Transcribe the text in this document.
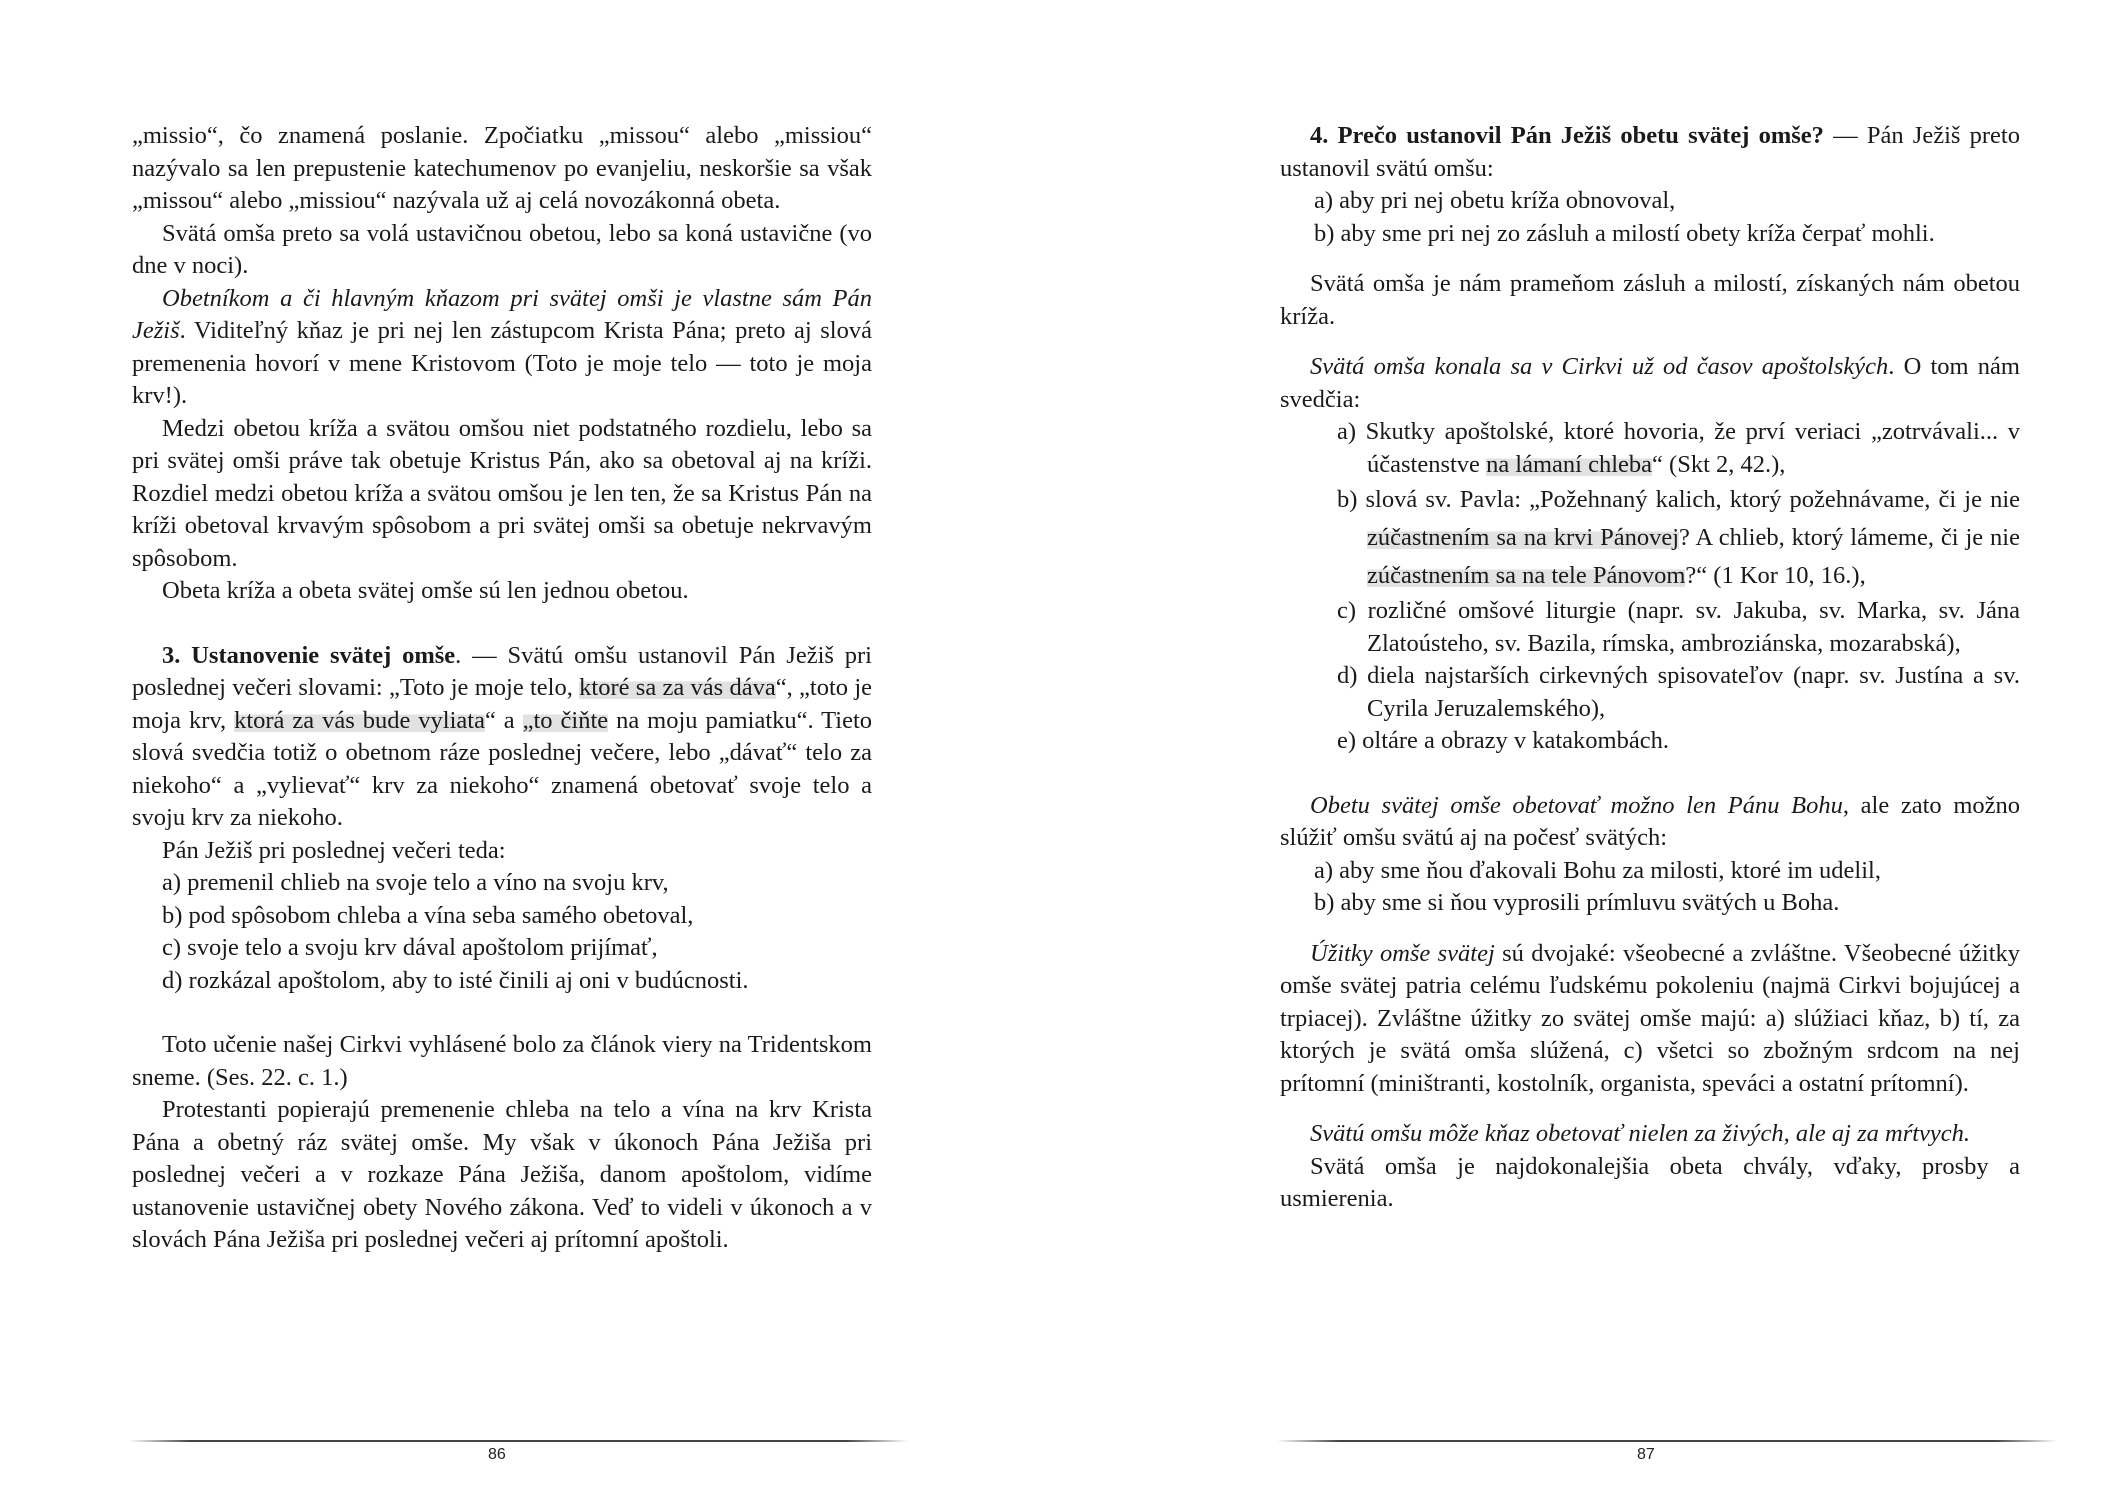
„missio“, čo znamená poslanie. Zpočiatku „missou“ alebo „missiou“ nazývalo sa len prepustenie katechumenov po evanjeliu, neskoršie sa však „missou“ alebo „missiou“ nazývala už aj celá novozákonná obeta.

Svätá omša preto sa volá ustavičnou obetou, lebo sa koná ustavične (vo dne v noci).

Obetníkom a či hlavným kňazom pri svätej omši je vlastne sám Pán Ježiš. Viditeľný kňaz je pri nej len zástupcom Krista Pána; preto aj slová premenenia hovorí v mene Kristovom (Toto je moje telo — toto je moja krv!).

Medzi obetou kríža a svätou omšou niet podstatného rozdielu, lebo sa pri svätej omši práve tak obetuje Kristus Pán, ako sa obetoval aj na kríži. Rozdiel medzi obetou kríža a svätou omšou je len ten, že sa Kristus Pán na kríži obetoval krvavým spôsobom a pri svätej omši sa obetuje nekrvavým spôsobom.

Obeta kríža a obeta svätej omše sú len jednou obetou.

3. Ustanovenie svätej omše. — Svätú omšu ustanovil Pán Ježiš pri poslednej večeri slovami: „Toto je moje telo, ktoré sa za vás dáva“, „toto je moja krv, ktorá za vás bude vyliata“ a „to čiňte na moju pamiatku“. Tieto slová svedčia totiž o obetnom ráze poslednej večere, lebo „dávať“ telo za niekoho“ a „vylievať“ krv za niekoho“ znamená obetovať svoje telo a svoju krv za niekoho.

Pán Ježiš pri poslednej večeri teda:

a) premenil chlieb na svoje telo a víno na svoju krv,
b) pod spôsobom chleba a vína seba samého obetoval,
c) svoje telo a svoju krv dával apoštolom prijímať,
d) rozkázal apoštolom, aby to isté činili aj oni v budúcnosti.

Toto učenie našej Cirkvi vyhlásené bolo za článok viery na Tridentskom sneme. (Ses. 22. c. 1.)

Protestanti popierajú premenenie chleba na telo a vína na krv Krista Pána a obetný ráz svätej omše. My však v úkonoch Pána Ježiša pri poslednej večeri a v rozkaze Pána Ježiša, danom apoštolom, vidíme ustanovenie ustavičnej obety Nového zákona. Veď to videli v úkonoch a v slovách Pána Ježiša pri poslednej večeri aj prítomní apoštoli.

4. Prečo ustanovil Pán Ježiš obetu svätej omše? — Pán Ježiš preto ustanovil svätú omšu:

a) aby pri nej obetu kríža obnovoval,
b) aby sme pri nej zo zásluh a milostí obety kríža čerpať mohli.

Svätá omša je nám prameňom zásluh a milostí, získaných nám obetou kríža.

Svätá omša konala sa v Cirkvi už od časov apoštolských. O tom nám svedčia:

a) Skutky apoštolské, ktoré hovoria, že prví veriaci „zotrvávali... v účastenstve na lámaní chleba“ (Skt 2, 42.),
b) slová sv. Pavla: „Požehnaný kalich, ktorý požehnávame, či je nie zúčastnením sa na krvi Pánovej? A chlieb, ktorý lámeme, či je nie zúčastnením sa na tele Pánovom?“ (1 Kor 10, 16.),
c) rozličné omšové liturgie (napr. sv. Jakuba, sv. Marka, sv. Jána Zlatoústeho, sv. Bazila, rímska, ambroziánska, mozarabská),
d) diela najstarších cirkevných spisovateľov (napr. sv. Justína a sv. Cyrila Jeruzalemského),
e) oltáre a obrazy v katakombách.

Obetu svätej omše obetovať možno len Pánu Bohu, ale zato možno slúžiť omšu svätú aj na počesť svätých:

a) aby sme ňou ďakovali Bohu za milosti, ktoré im udelil,
b) aby sme si ňou vyprosili prímluvu svätých u Boha.

Úžitky omše svätej sú dvojaké: všeobecné a zvláštne. Všeobecné úžitky omše svätej patria celému ľudskému pokoleniu (najmä Cirkvi bojujúcej a trpiacej). Zvláštne úžitky zo svätej omše majú: a) slúžiaci kňaz, b) tí, za ktorých je svätá omša slúžená, c) všetci so zbožným srdcom na nej prítomní (miništranti, kostolník, organista, speváci a ostatní prítomní).

Svätú omšu môže kňaz obetovať nielen za živých, ale aj za mŕtvych.

Svätá omša je najdokonalejšia obeta chvály, vďaky, prosby a usmierenia.

86	87
